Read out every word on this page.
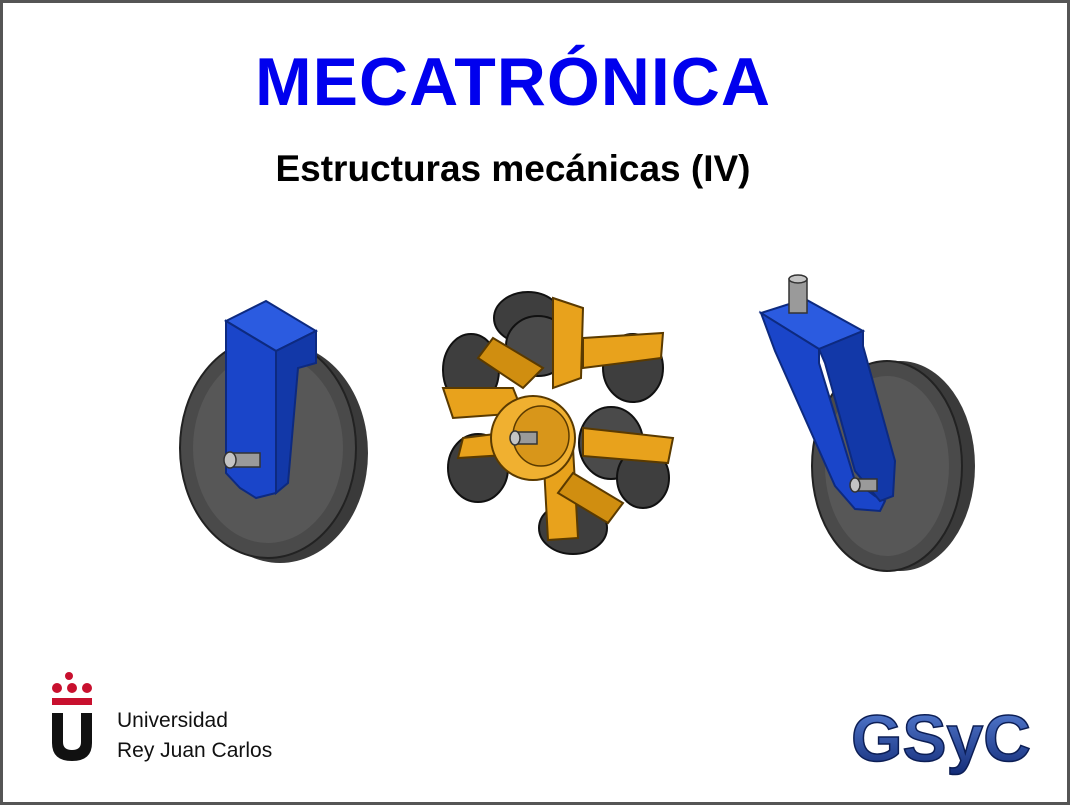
MECATRÓNICA
Estructuras mecánicas (IV)
Universidad
Rey Juan Carlos	GSyC
